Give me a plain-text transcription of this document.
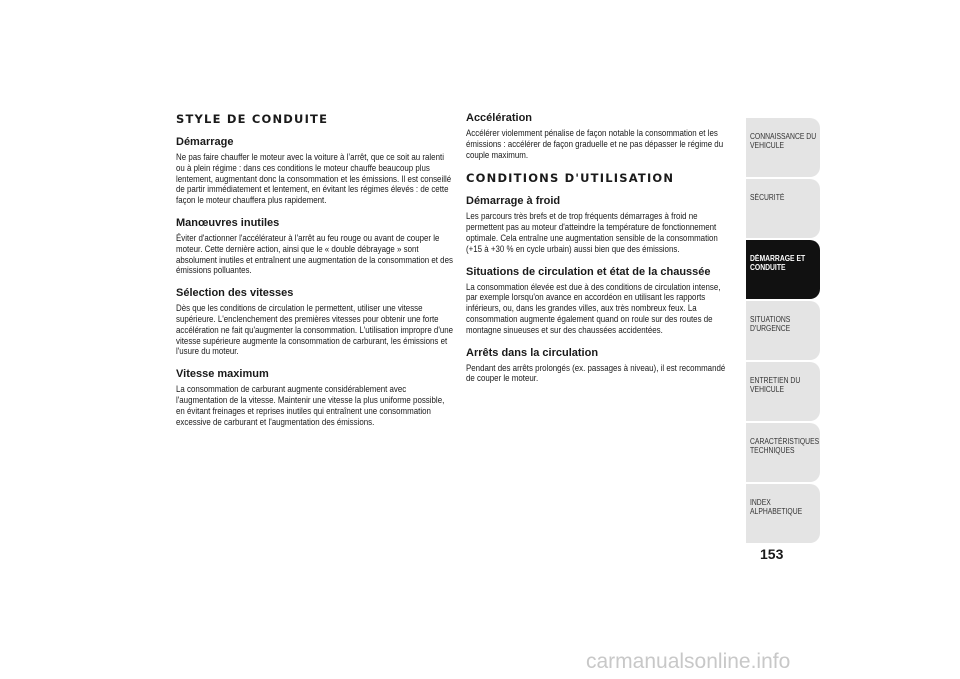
STYLE DE CONDUITE
Démarrage
Ne pas faire chauffer le moteur avec la voiture à l’arrêt, que ce soit au ralenti ou à plein régime : dans ces conditions le moteur chauffe beaucoup plus lentement, augmentant donc la consommation et les émissions. Il est conseillé de partir immédiatement et lentement, en évitant les régimes élevés : de cette façon le moteur chauffera plus rapidement.
Manœuvres inutiles
Éviter d'actionner l'accélérateur à l'arrêt au feu rouge ou avant de couper le moteur. Cette dernière action, ainsi que le « double débrayage » sont absolument inutiles et entraînent une augmentation de la consommation et des émissions polluantes.
Sélection des vitesses
Dès que les conditions de circulation le permettent, utiliser une vitesse supérieure. L'enclenchement des premières vitesses pour obtenir une forte accélération ne fait qu'augmenter la consommation. L'utilisation impropre d'une vitesse supérieure augmente la consommation de carburant, les émissions et l'usure du moteur.
Vitesse maximum
La consommation de carburant augmente considérablement avec l'augmentation de la vitesse. Maintenir une vitesse la plus uniforme possible, en évitant freinages et reprises inutiles qui entraînent une consommation excessive de carburant et l'augmentation des émissions.
Accélération
Accélérer violemment pénalise de façon notable la consommation et les émissions : accélérer de façon graduelle et ne pas dépasser le régime du couple maximum.
CONDITIONS D'UTILISATION
Démarrage à froid
Les parcours très brefs et de trop fréquents démarrages à froid ne permettent pas au moteur d'atteindre la température de fonctionnement optimale. Cela entraîne une augmentation sensible de la consommation (+15 à +30 % en cycle urbain) aussi bien que des émissions.
Situations de circulation et état de la chaussée
La consommation élevée est due à des conditions de circulation intense, par exemple lorsqu'on avance en accordéon en utilisant les rapports inférieurs, ou, dans les grandes villes, aux très nombreux feux. La consommation augmente également quand on roule sur des routes de montagne sinueuses et sur des chaussées accidentées.
Arrêts dans la circulation
Pendant des arrêts prolongés (ex. passages à niveau), il est recommandé de couper le moteur.
CONNAISSANCE DU VEHICULE
SÉCURITÉ
DÉMARRAGE ET CONDUITE
SITUATIONS D'URGENCE
ENTRETIEN DU VEHICULE
CARACTÉRISTIQUES TECHNIQUES
INDEX ALPHABETIQUE
153
carmanualsonline.info
